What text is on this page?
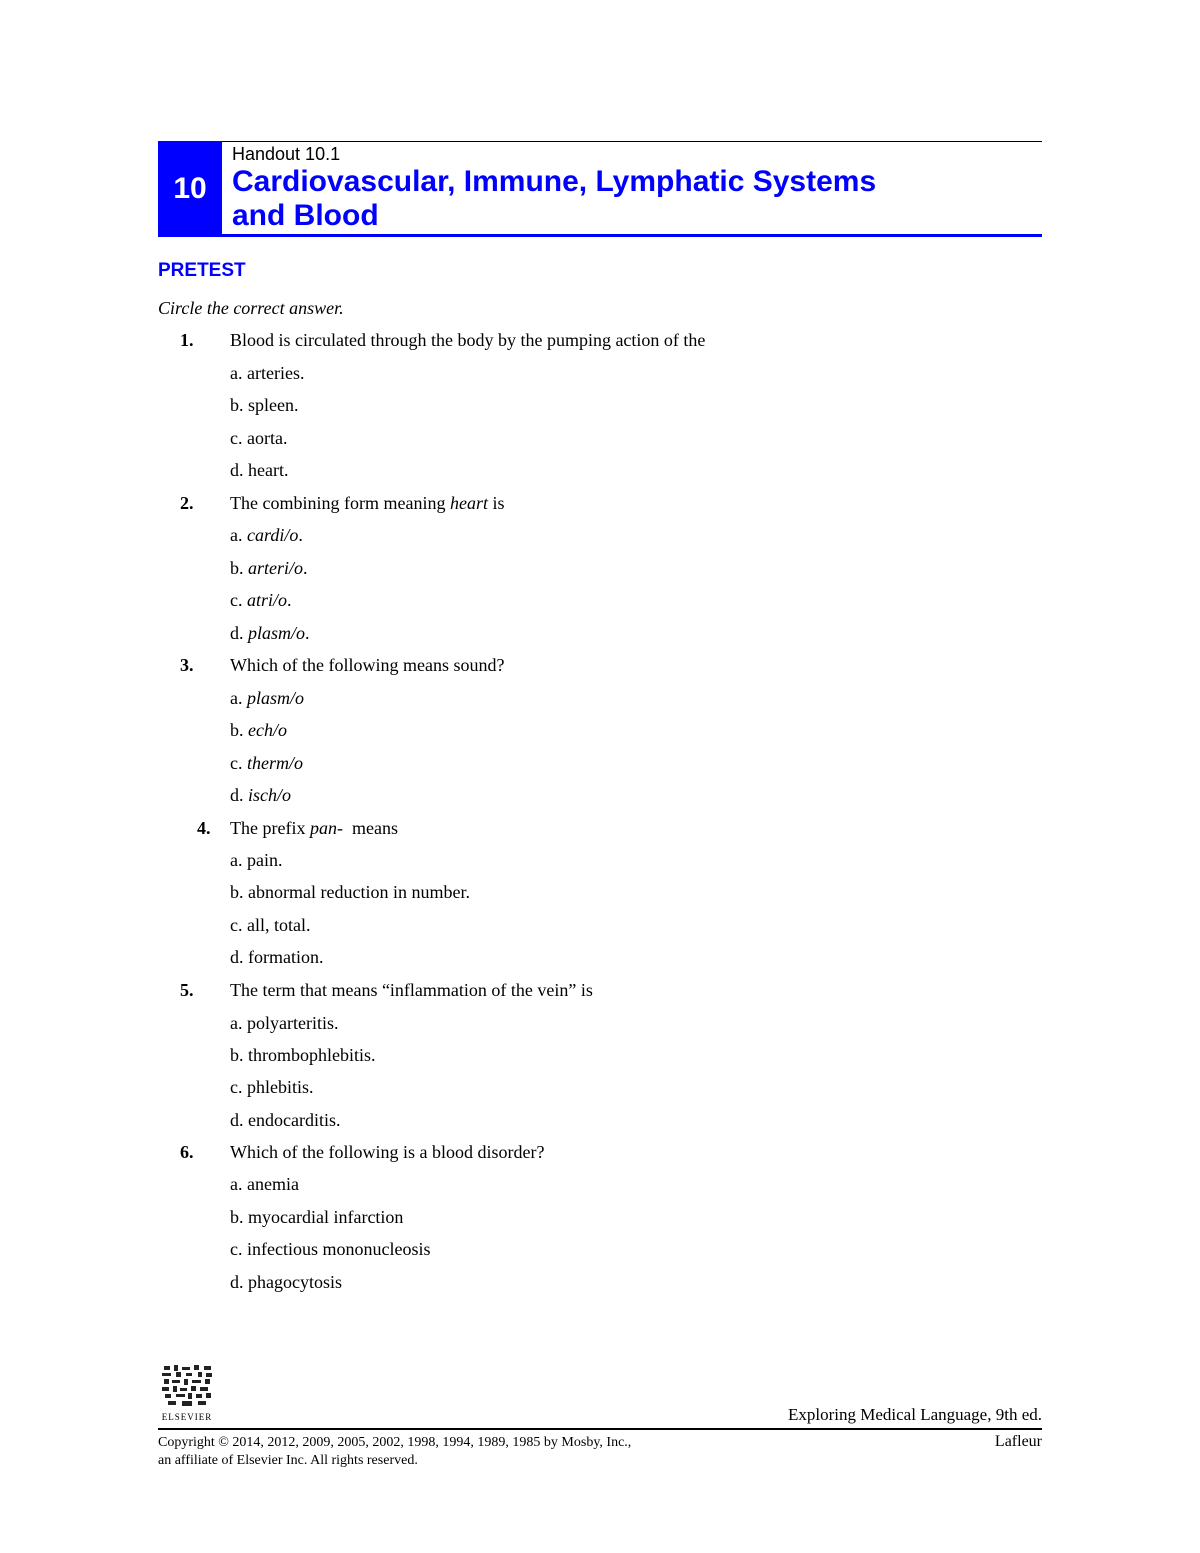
10
Handout 10.1
Cardiovascular, Immune, Lymphatic Systems
and Blood
PRETEST
Circle the correct answer.
1. Blood is circulated through the body by the pumping action of the
a. arteries.
b. spleen.
c. aorta.
d. heart.
2. The combining form meaning heart is
a. cardi/o.
b. arteri/o.
c. atri/o.
d. plasm/o.
3. Which of the following means sound?
a. plasm/o
b. ech/o
c. therm/o
d. isch/o
4. The prefix pan-  means
a. pain.
b. abnormal reduction in number.
c. all, total.
d. formation.
5. The term that means “inflammation of the vein” is
a. polyarteritis.
b. thrombophlebitis.
c. phlebitis.
d. endocarditis.
6. Which of the following is a blood disorder?
a. anemia
b. myocardial infarction
c. infectious mononucleosis
d. phagocytosis
ELSEVIER	Exploring Medical Language, 9th ed.
Copyright © 2014, 2012, 2009, 2005, 2002, 1998, 1994, 1989, 1985 by Mosby, Inc.,
an affiliate of Elsevier Inc. All rights reserved.
Lafleur
